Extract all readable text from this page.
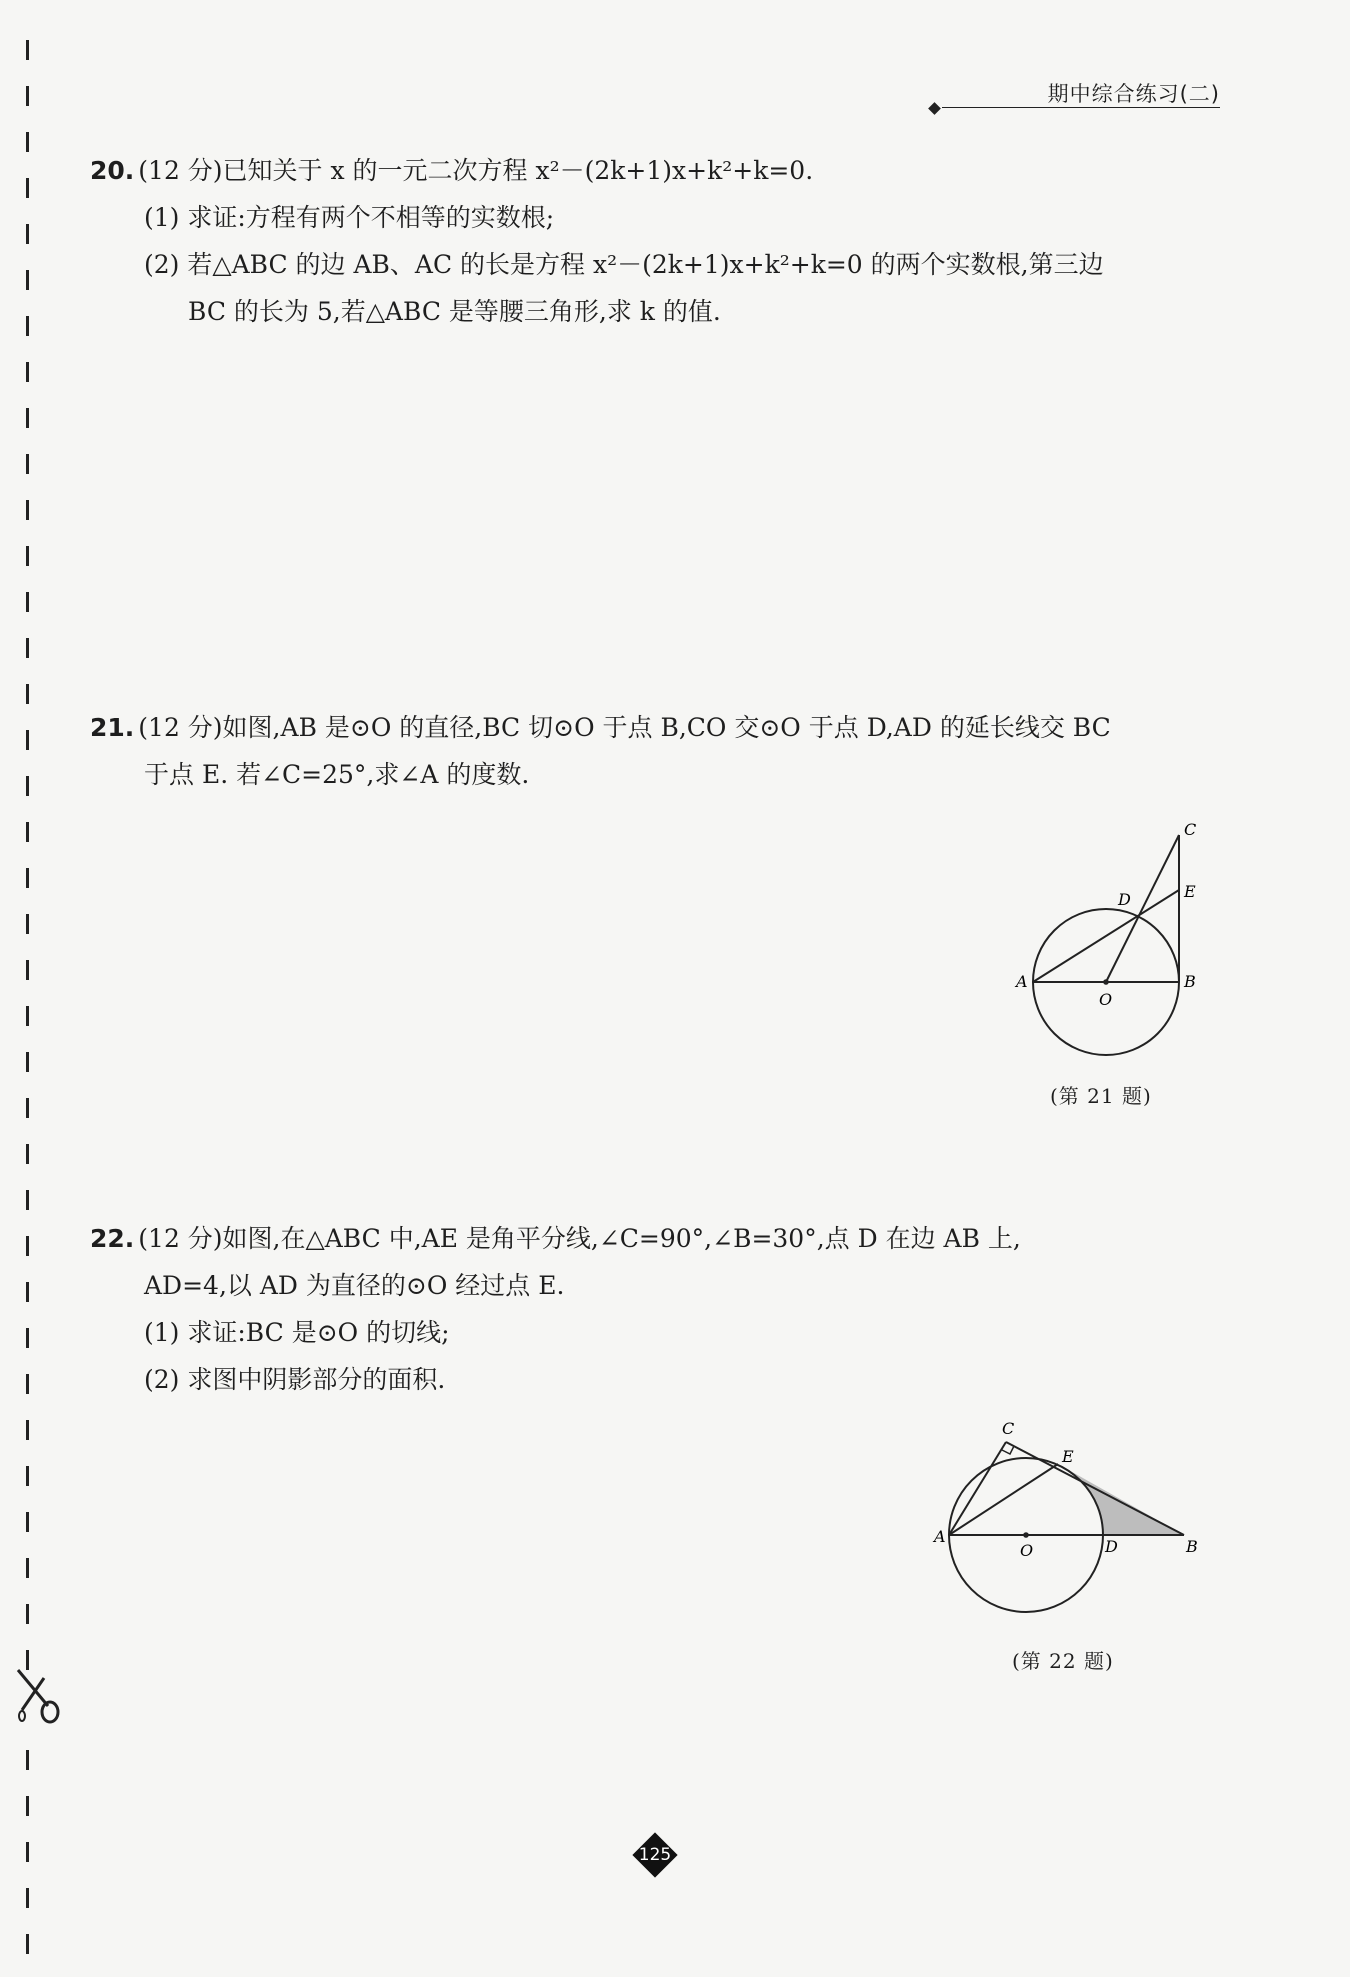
期中综合练习(二)
20. (12 分)已知关于 x 的一元二次方程 x²－(2k+1)x+k²+k=0.
(1) 求证:方程有两个不相等的实数根;
(2) 若△ABC 的边 AB、AC 的长是方程 x²－(2k+1)x+k²+k=0 的两个实数根,第三边
BC 的长为 5,若△ABC 是等腰三角形,求 k 的值.
21. (12 分)如图,AB 是⊙O 的直径,BC 切⊙O 于点 B,CO 交⊙O 于点 D,AD 的延长线交 BC
于点 E. 若∠C=25°,求∠A 的度数.
A	B
C
D	E
O
(第 21 题)
22. (12 分)如图,在△ABC 中,AE 是角平分线,∠C=90°,∠B=30°,点 D 在边 AB 上,
AD=4,以 AD 为直径的⊙O 经过点 E.
(1) 求证:BC 是⊙O 的切线;
(2) 求图中阴影部分的面积.
A
B
C
D
E
O
(第 22 题)
125
